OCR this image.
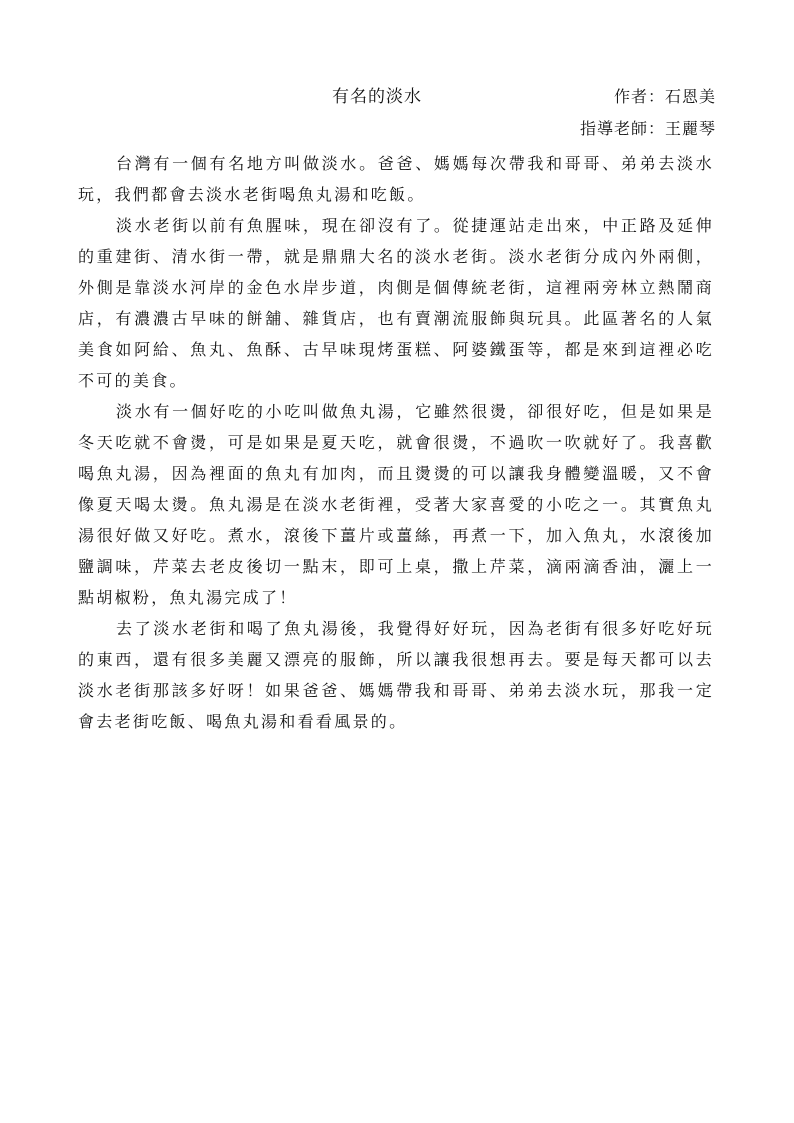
有名的淡水	作者：石恩美
指導老師：王麗琴

台灣有一個有名地方叫做淡水。爸爸、媽媽每次帶我和哥哥、弟弟去淡水玩，我們都會去淡水老街喝魚丸湯和吃飯。

淡水老街以前有魚腥味，現在卻沒有了。從捷運站走出來，中正路及延伸的重建街、清水街一帶，就是鼎鼎大名的淡水老街。淡水老街分成內外兩側，外側是靠淡水河岸的金色水岸步道，肉側是個傳統老街，這裡兩旁林立熱鬧商店，有濃濃古早味的餅舖、雜貨店，也有賣潮流服飾與玩具。此區著名的人氣美食如阿給、魚丸、魚酥、古早味現烤蛋糕、阿婆鐵蛋等，都是來到這裡必吃不可的美食。

淡水有一個好吃的小吃叫做魚丸湯，它雖然很燙，卻很好吃，但是如果是冬天吃就不會燙，可是如果是夏天吃，就會很燙，不過吹一吹就好了。我喜歡喝魚丸湯，因為裡面的魚丸有加肉，而且燙燙的可以讓我身體變溫暖，又不會像夏天喝太燙。魚丸湯是在淡水老街裡，受著大家喜愛的小吃之一。其實魚丸湯很好做又好吃。煮水，滾後下薑片或薑絲，再煮一下，加入魚丸，水滾後加鹽調味，芹菜去老皮後切一點末，即可上桌，撒上芹菜，滴兩滴香油，灑上一點胡椒粉，魚丸湯完成了！

去了淡水老街和喝了魚丸湯後，我覺得好好玩，因為老街有很多好吃好玩的東西，還有很多美麗又漂亮的服飾，所以讓我很想再去。要是每天都可以去淡水老街那該多好呀！如果爸爸、媽媽帶我和哥哥、弟弟去淡水玩，那我一定會去老街吃飯、喝魚丸湯和看看風景的。
